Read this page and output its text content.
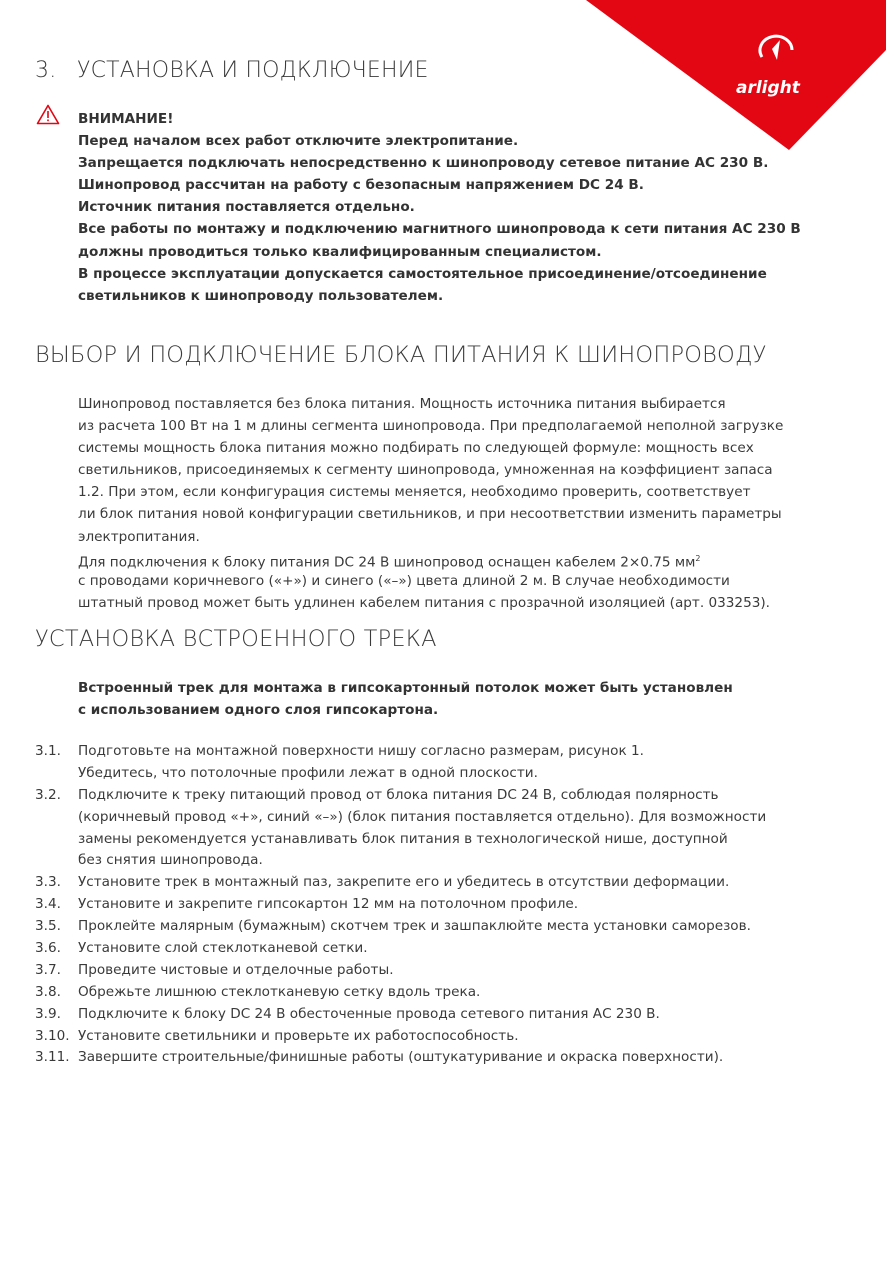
arlight
3. УСТАНОВКА И ПОДКЛЮЧЕНИЕ
ВНИМАНИЕ!
Перед началом всех работ отключите электропитание.
Запрещается подключать непосредственно к шинопроводу сетевое питание АС 230 В.
Шинопровод рассчитан на работу с безопасным напряжением DC 24 В.
Источник питания поставляется отдельно.
Все работы по монтажу и подключению магнитного шинопровода к сети питания АС 230 В
должны проводиться только квалифицированным специалистом.
В процессе эксплуатации допускается самостоятельное присоединение/отсоединение
светильников к шинопроводу пользователем.
ВЫБОР И ПОДКЛЮЧЕНИЕ БЛОКА ПИТАНИЯ К ШИНОПРОВОДУ
Шинопровод поставляется без блока питания. Мощность источника питания выбирается
из расчета 100 Вт на 1 м длины сегмента шинопровода. При предполагаемой неполной загрузке
системы мощность блока питания можно подбирать по следующей формуле: мощность всех
светильников, присоединяемых к сегменту шинопровода, умноженная на коэффициент запаса
1.2. При этом, если конфигурация системы меняется, необходимо проверить, соответствует
ли блок питания новой конфигурации светильников, и при несоответствии изменить параметры
электропитания.
Для подключения к блоку питания DC 24 В шинопровод оснащен кабелем 2×0.75 $мм^2$
с проводами коричневого («+») и синего («–») цвета длиной 2 м. В случае необходимости
штатный провод может быть удлинен кабелем питания с прозрачной изоляцией (арт. 033253).
УСТАНОВКА ВСТРОЕННОГО ТРЕКА
Встроенный трек для монтажа в гипсокартонный потолок может быть установлен
с использованием одного слоя гипсокартона.
3.1.	Подготовьте на монтажной поверхности нишу согласно размерам, рисунок 1.
Убедитесь, что потолочные профили лежат в одной плоскости.
3.2.	Подключите к треку питающий провод от блока питания DC 24 В, соблюдая полярность
(коричневый провод «+», синий «–») (блок питания поставляется отдельно). Для возможности
замены рекомендуется устанавливать блок питания в технологической нише, доступной
без снятия шинопровода.
3.3.	Установите трек в монтажный паз, закрепите его и убедитесь в отсутствии деформации.
3.4.	Установите и закрепите гипсокартон 12 мм на потолочном профиле.
3.5.	Проклейте малярным (бумажным) скотчем трек и зашпаклюйте места установки саморезов.
3.6.	Установите слой стеклотканевой сетки.
3.7.	Проведите чистовые и отделочные работы.
3.8.	Обрежьте лишнюю стеклотканевую сетку вдоль трека.
3.9.	Подключите к блоку DC 24 В обесточенные провода сетевого питания АС 230 В.
3.10. Установите светильники и проверьте их работоспособность.
3.11. Завершите строительные/финишные работы (оштукатуривание и окраска поверхности).
